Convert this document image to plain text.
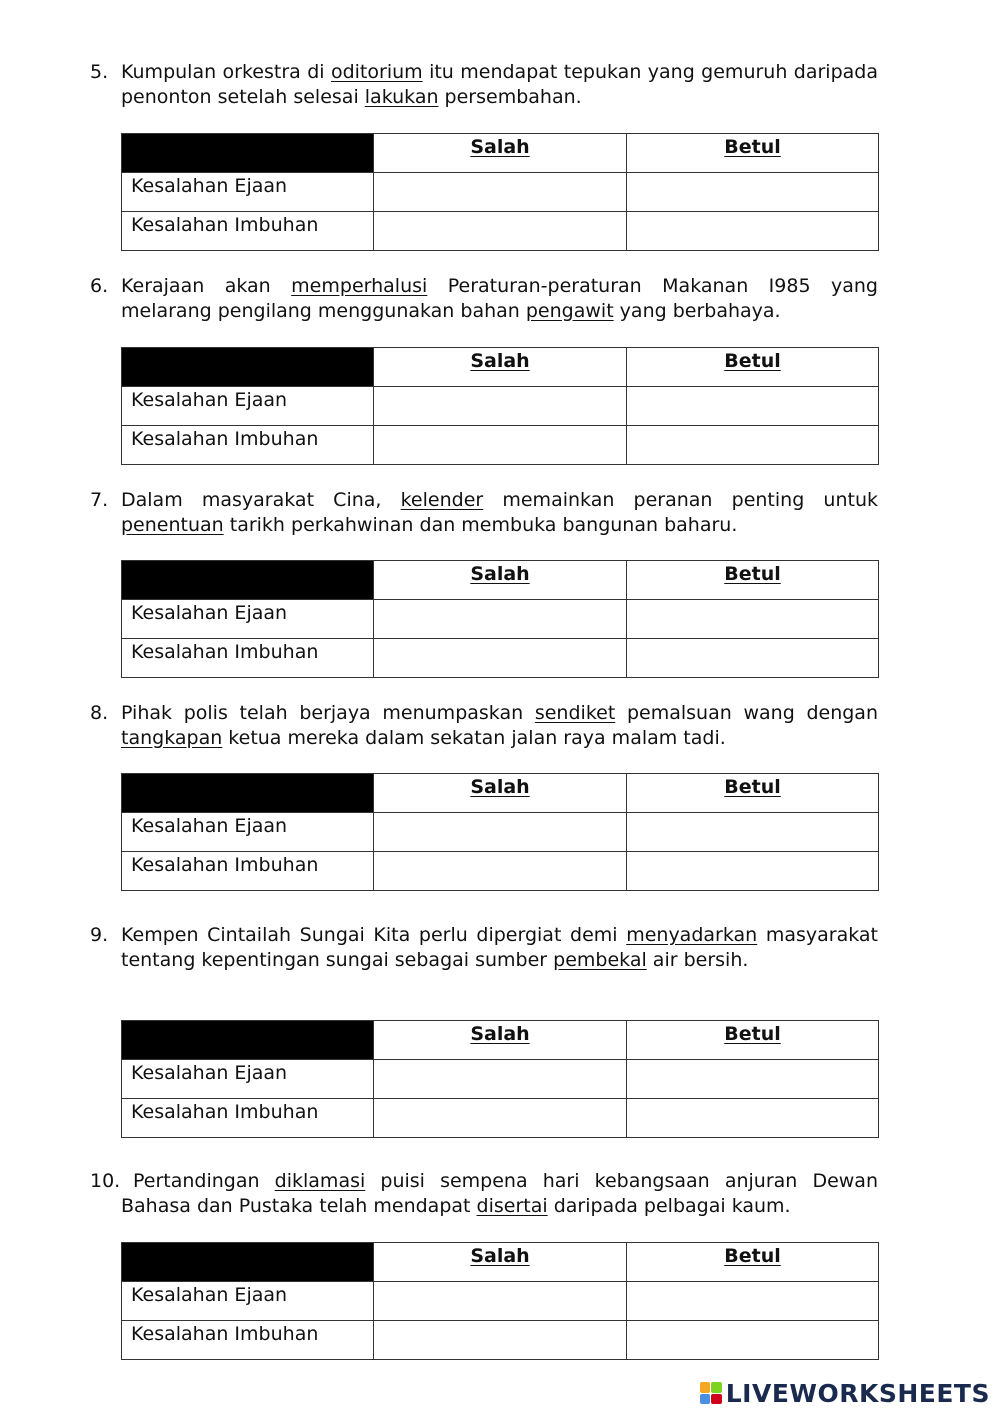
5. Kumpulan orkestra di oditorium itu mendapat tepukan yang gemuruh daripada penonton setelah selesai lakukan persembahan.
	Salah	Betul
Kesalahan Ejaan		
Kesalahan Imbuhan		
6. Kerajaan akan memperhalusi Peraturan-peraturan Makanan I985 yang melarang pengilang menggunakan bahan pengawit yang berbahaya.
	Salah	Betul
Kesalahan Ejaan		
Kesalahan Imbuhan		
7. Dalam masyarakat Cina, kelender memainkan peranan penting untuk penentuan tarikh perkahwinan dan membuka bangunan baharu.
	Salah	Betul
Kesalahan Ejaan		
Kesalahan Imbuhan		
8. Pihak polis telah berjaya menumpaskan sendiket pemalsuan wang dengan tangkapan ketua mereka dalam sekatan jalan raya malam tadi.
	Salah	Betul
Kesalahan Ejaan		
Kesalahan Imbuhan		
9. Kempen Cintailah Sungai Kita perlu dipergiat demi menyadarkan masyarakat tentang kepentingan sungai sebagai sumber pembekal air bersih.
	Salah	Betul
Kesalahan Ejaan		
Kesalahan Imbuhan		
10. Pertandingan diklamasi puisi sempena hari kebangsaan anjuran Dewan Bahasa dan Pustaka telah mendapat disertai daripada pelbagai kaum.
	Salah	Betul
Kesalahan Ejaan		
Kesalahan Imbuhan		
LIVEWORKSHEETS
